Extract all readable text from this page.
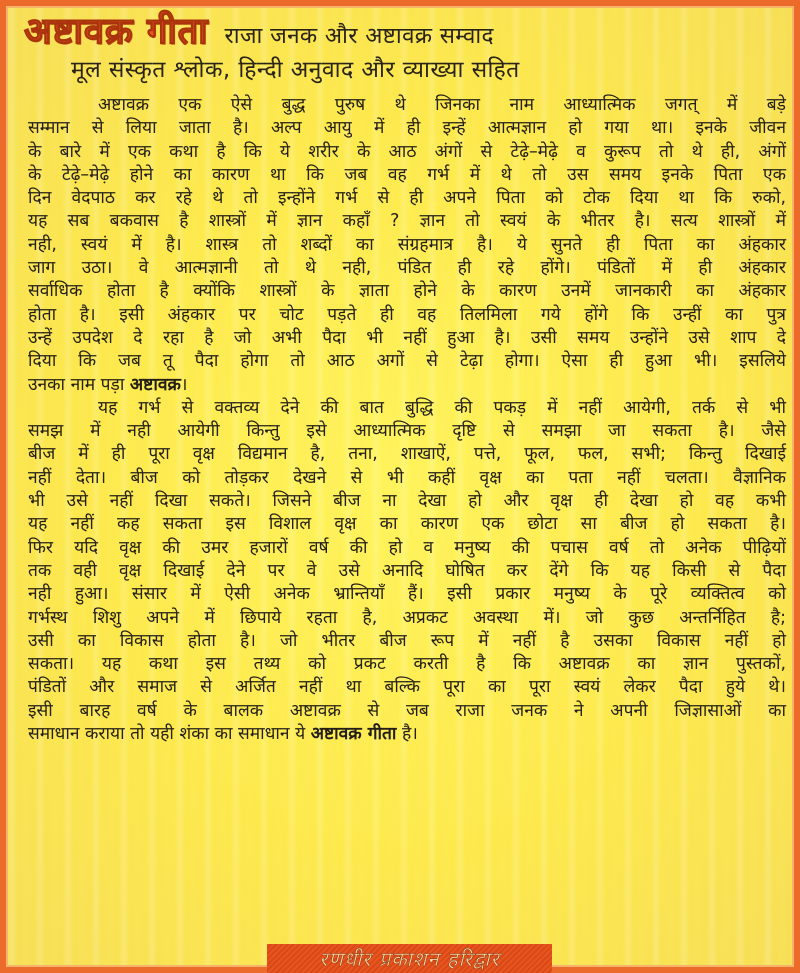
अष्टावक्र गीता राजा जनक और अष्टावक्र सम्वाद
मूल संस्कृत श्लोक, हिन्दी अनुवाद और व्याख्या सहित
अष्टावक्र एक ऐसे बुद्ध पुरुष थे जिनका नाम आध्यात्मिक जगत् में बड़े
सम्मान से लिया जाता है। अल्प आयु में ही इन्हें आत्मज्ञान हो गया था। इनके जीवन
के बारे में एक कथा है कि ये शरीर के आठ अंगों से टेढ़े–मेढ़े व कुरूप तो थे ही, अंगों
के टेढ़े–मेढ़े होने का कारण था कि जब वह गर्भ में थे तो उस समय इनके पिता एक
दिन वेदपाठ कर रहे थे तो इन्होंने गर्भ से ही अपने पिता को टोक दिया था कि रुको,
यह सब बकवास है शास्त्रों में ज्ञान कहाँ ? ज्ञान तो स्वयं के भीतर है। सत्य शास्त्रों में
नही, स्वयं में है। शास्त्र तो शब्दों का संग्रहमात्र है। ये सुनते ही पिता का अंहकार
जाग उठा। वे आत्मज्ञानी तो थे नही, पंडित ही रहे होंगे। पंडितों में ही अंहकार
सर्वाधिक होता है क्योंकि शास्त्रों के ज्ञाता होने के कारण उनमें जानकारी का अंहकार
होता है। इसी अंहकार पर चोट पड़ते ही वह तिलमिला गये होंगे कि उन्हीं का पुत्र
उन्हें उपदेश दे रहा है जो अभी पैदा भी नहीं हुआ है। उसी समय उन्होंने उसे शाप दे
दिया कि जब तू पैदा होगा तो आठ अगों से टेढ़ा होगा। ऐसा ही हुआ भी। इसलिये
उनका नाम पड़ा अष्टावक्र।
यह गर्भ से वक्तव्य देने की बात बुद्धि की पकड़ में नहीं आयेगी, तर्क से भी
समझ में नही आयेगी किन्तु इसे आध्यात्मिक दृष्टि से समझा जा सकता है। जैसे
बीज में ही पूरा वृक्ष विद्यमान है, तना, शाखाऐं, पत्ते, फूल, फल, सभी; किन्तु दिखाई
नहीं देता। बीज को तोड़कर देखने से भी कहीं वृक्ष का पता नहीं चलता। वैज्ञानिक
भी उसे नहीं दिखा सकते। जिसने बीज ना देखा हो और वृक्ष ही देखा हो वह कभी
यह नहीं कह सकता इस विशाल वृक्ष का कारण एक छोटा सा बीज हो सकता है।
फिर यदि वृक्ष की उमर हजारों वर्ष की हो व मनुष्य की पचास वर्ष तो अनेक पीढ़ियों
तक वही वृक्ष दिखाई देने पर वे उसे अनादि घोषित कर देंगे कि यह किसी से पैदा
नही हुआ। संसार में ऐसी अनेक भ्रान्तियाँ हैं। इसी प्रकार मनुष्य के पूरे व्यक्तित्व को
गर्भस्थ शिशु अपने में छिपाये रहता है, अप्रकट अवस्था में। जो कुछ अन्तर्निहित है;
उसी का विकास होता है। जो भीतर बीज रूप में नहीं है उसका विकास नहीं हो
सकता। यह कथा इस तथ्य को प्रकट करती है कि अष्टावक्र का ज्ञान पुस्तकों,
पंडितों और समाज से अर्जित नहीं था बल्कि पूरा का पूरा स्वयं लेकर पैदा हुये थे।
इसी बारह वर्ष के बालक अष्टावक्र से जब राजा जनक ने अपनी जिज्ञासाओं का
समाधान कराया तो यही शंका का समाधान ये अष्टावक्र गीता है।
रणधीर प्रकाशन हरिद्वार
